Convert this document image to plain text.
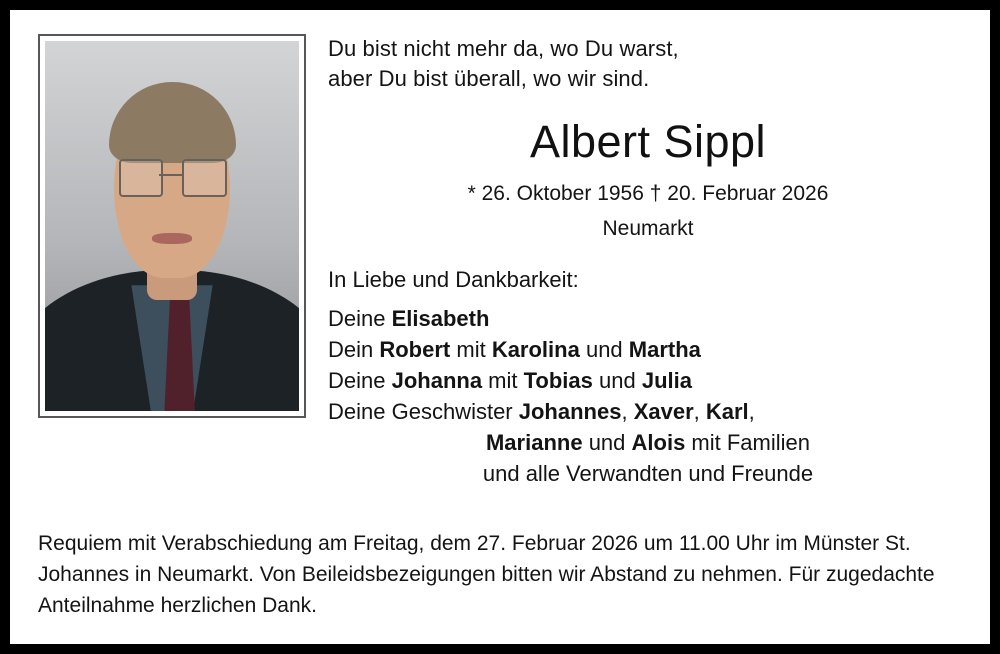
Du bist nicht mehr da, wo Du warst,
aber Du bist überall, wo wir sind.
Albert Sippl
* 26. Oktober 1956 † 20. Februar 2026
Neumarkt
In Liebe und Dankbarkeit:
Deine Elisabeth
Dein Robert mit Karolina und Martha
Deine Johanna mit Tobias und Julia
Deine Geschwister Johannes, Xaver, Karl,
Marianne und Alois mit Familien
und alle Verwandten und Freunde
Requiem mit Verabschiedung am Freitag, dem 27. Februar 2026 um 11.00 Uhr im Münster St. Johannes in Neumarkt. Von Beileidsbezeigungen bitten wir Abstand zu nehmen. Für zugedachte Anteilnahme herzlichen Dank.
